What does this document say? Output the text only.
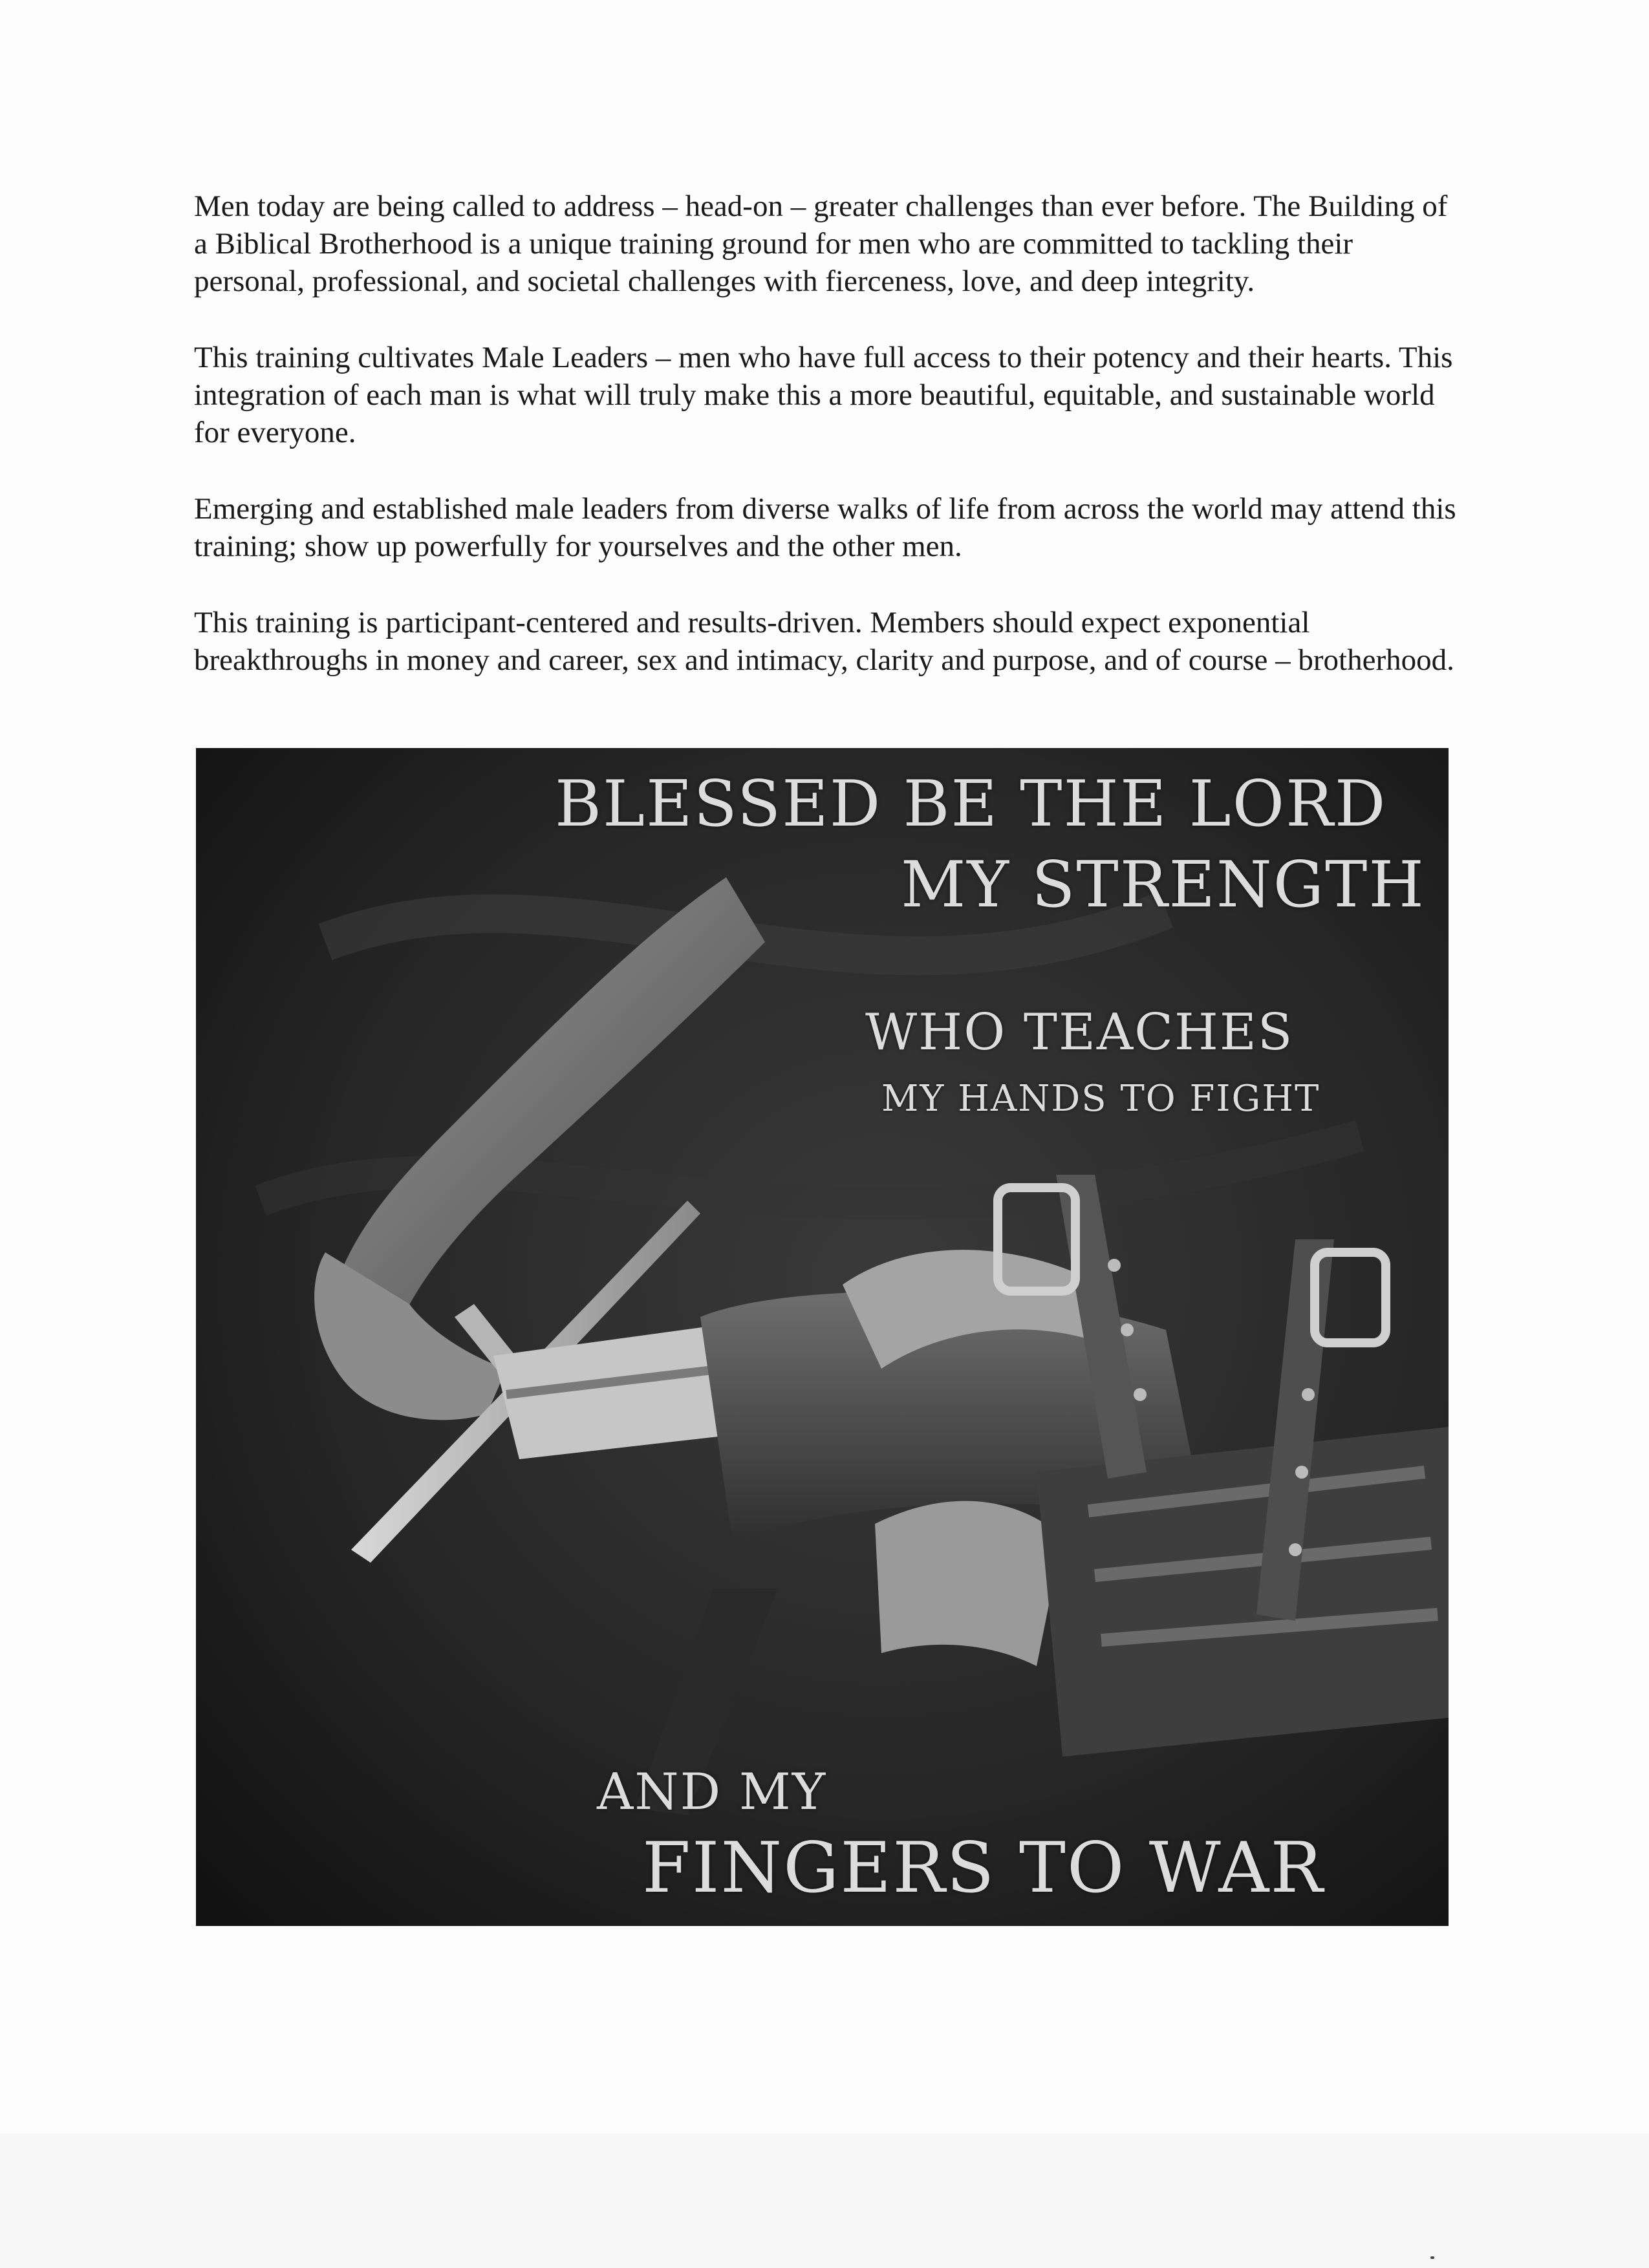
Men today are being called to address – head-on – greater challenges than ever before. The Building of a Biblical Brotherhood is a unique training ground for men who are committed to tackling their personal, professional, and societal challenges with fierceness, love, and deep integrity.

This training cultivates Male Leaders – men who have full access to their potency and their hearts. This integration of each man is what will truly make this a more beautiful, equitable, and sustainable world for everyone.

Emerging and established male leaders from diverse walks of life from across the world may attend this training; show up powerfully for yourselves and the other men.

This training is participant-centered and results-driven. Members should expect exponential breakthroughs in money and career, sex and intimacy, clarity and purpose, and of course – brotherhood.

BLESSED BE THE LORD
MY STRENGTH
WHO TEACHES
MY HANDS TO FIGHT
AND MY
FINGERS TO WAR
